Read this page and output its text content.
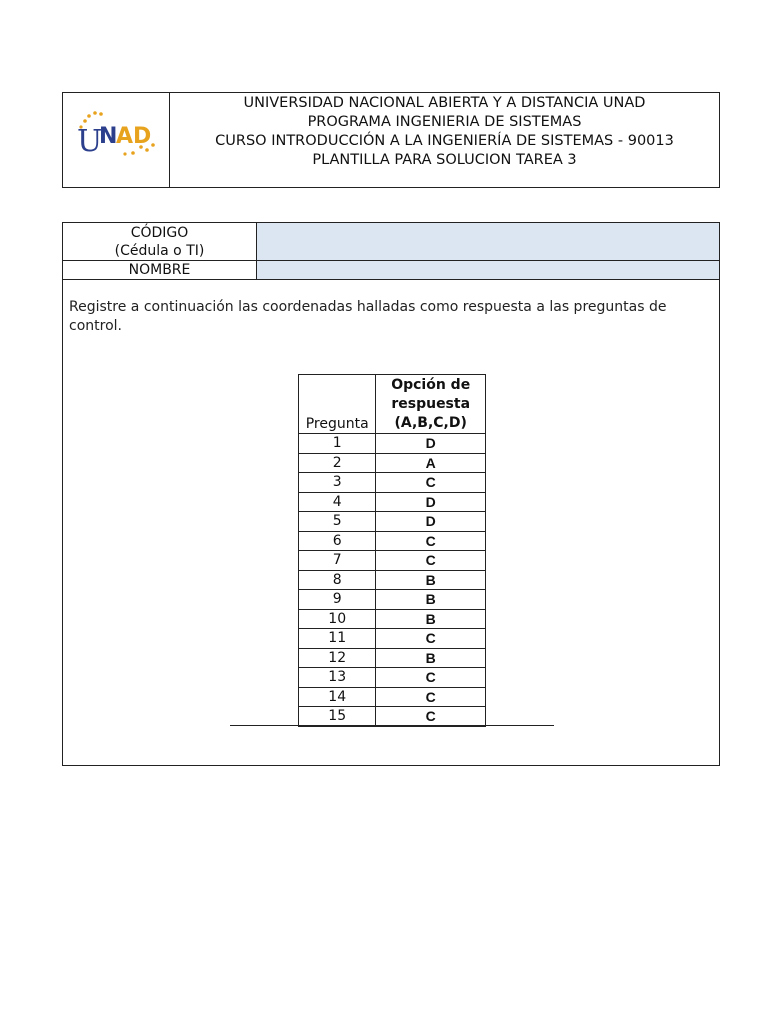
U
N
AD
UNIVERSIDAD NACIONAL ABIERTA Y A DISTANCIA UNAD
PROGRAMA INGENIERIA DE SISTEMAS
CURSO INTRODUCCIÓN A LA INGENIERÍA DE SISTEMAS - 90013
PLANTILLA PARA SOLUCION TAREA 3
CÓDIGO
(Cédula o TI)
NOMBRE
Registre a continuación las coordenadas halladas como respuesta a las preguntas de control.
Pregunta	Opción de
respuesta
(A,B,C,D)

1	D
2	A
3	C
4	D
5	D
6	C
7	C
8	B
9	B
10	B
11	C
12	B
13	C
14	C
15	C
